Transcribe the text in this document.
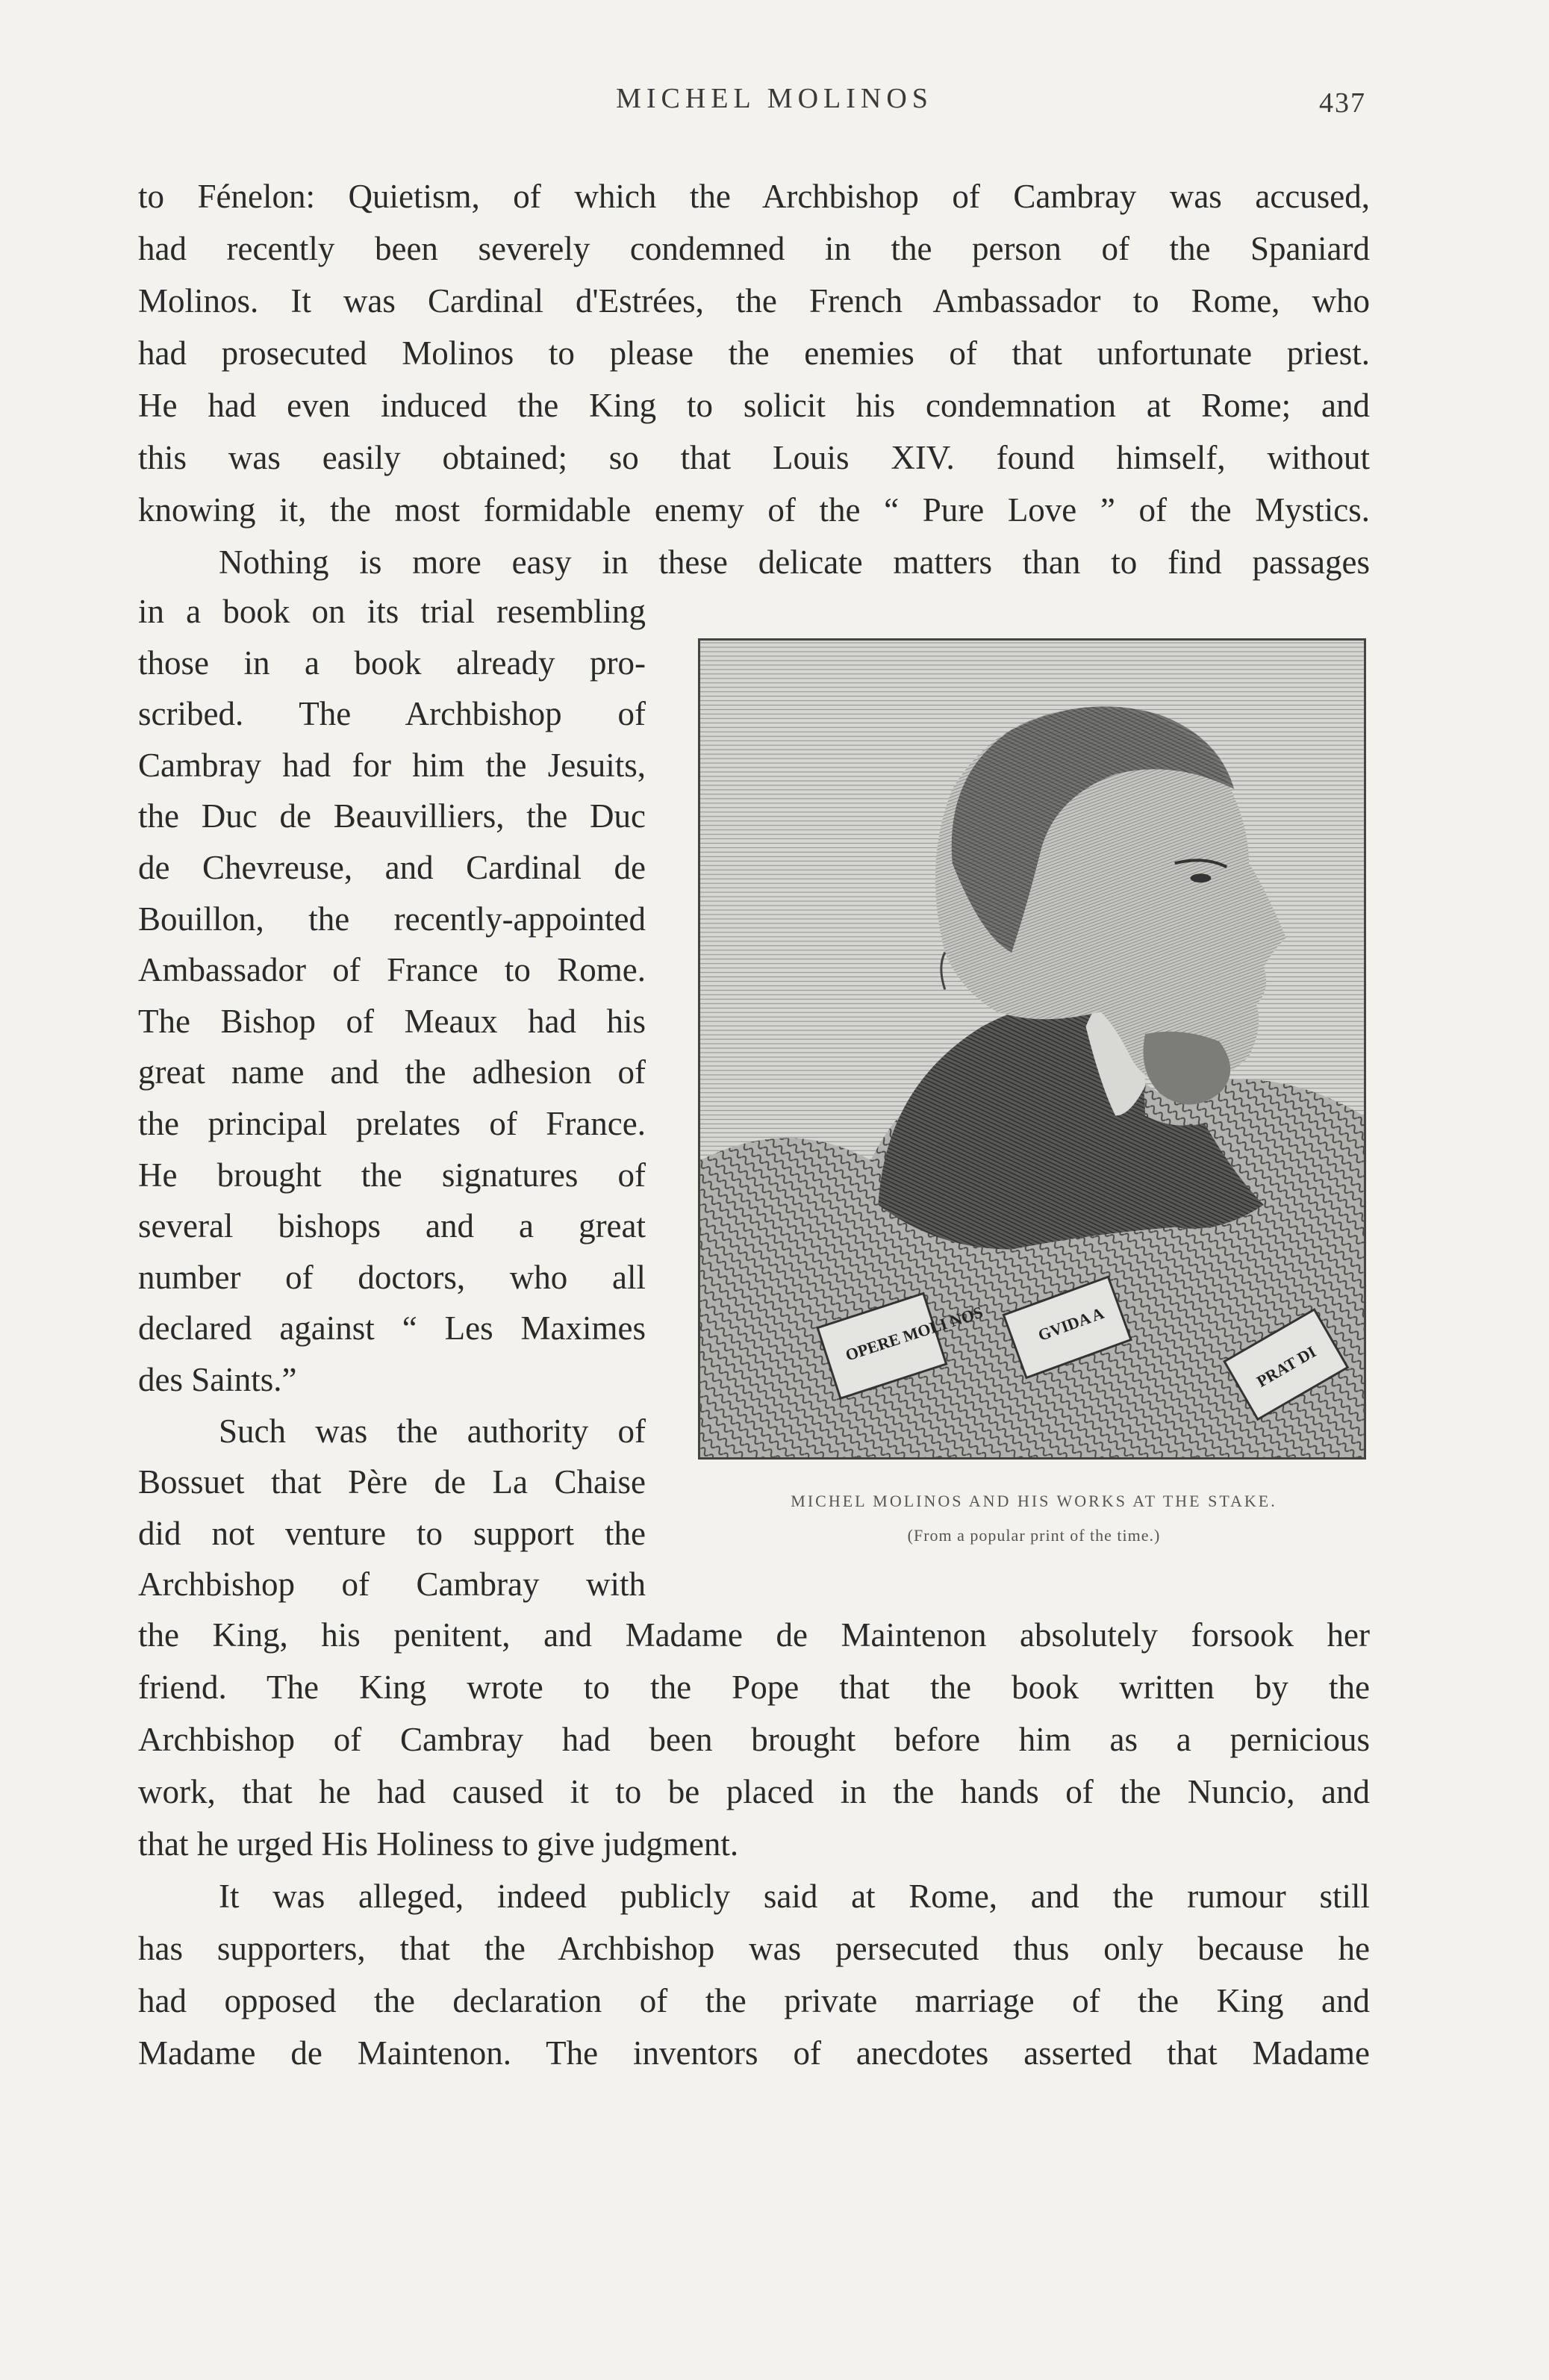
MICHEL MOLINOS	437
to Fénelon: Quietism, of which the Archbishop of Cambray was accused,
had recently been severely condemned in the person of the Spaniard
Molinos. It was Cardinal d'Estrées, the French Ambassador to Rome, who
had prosecuted Molinos to please the enemies of that unfortunate priest.
He had even induced the King to solicit his condemnation at Rome; and
this was easily obtained; so that Louis XIV. found himself, without
knowing it, the most formidable enemy of the “ Pure Love ” of the Mystics.
Nothing is more easy in these delicate matters than to find passages
in a book on its trial resembling
those in a book already pro-
scribed. The Archbishop of
Cambray had for him the Jesuits,
the Duc de Beauvilliers, the Duc
de Chevreuse, and Cardinal de
Bouillon, the recently-appointed
Ambassador of France to Rome.
The Bishop of Meaux had his
great name and the adhesion of
the principal prelates of France.
He brought the signatures of
several bishops and a great
number of doctors, who all
declared against “ Les Maximes
des Saints.”
Such was the authority of
Bossuet that Père de La Chaise
did not venture to support the
Archbishop of Cambray with
OPERE MOLI NOS	GVIDA A
PRAT DI
MICHEL MOLINOS AND HIS WORKS AT THE STAKE.
(From a popular print of the time.)
the King, his penitent, and Madame de Maintenon absolutely forsook her
friend. The King wrote to the Pope that the book written by the
Archbishop of Cambray had been brought before him as a pernicious
work, that he had caused it to be placed in the hands of the Nuncio, and
that he urged His Holiness to give judgment.
It was alleged, indeed publicly said at Rome, and the rumour still
has supporters, that the Archbishop was persecuted thus only because he
had opposed the declaration of the private marriage of the King and
Madame de Maintenon. The inventors of anecdotes asserted that Madame
